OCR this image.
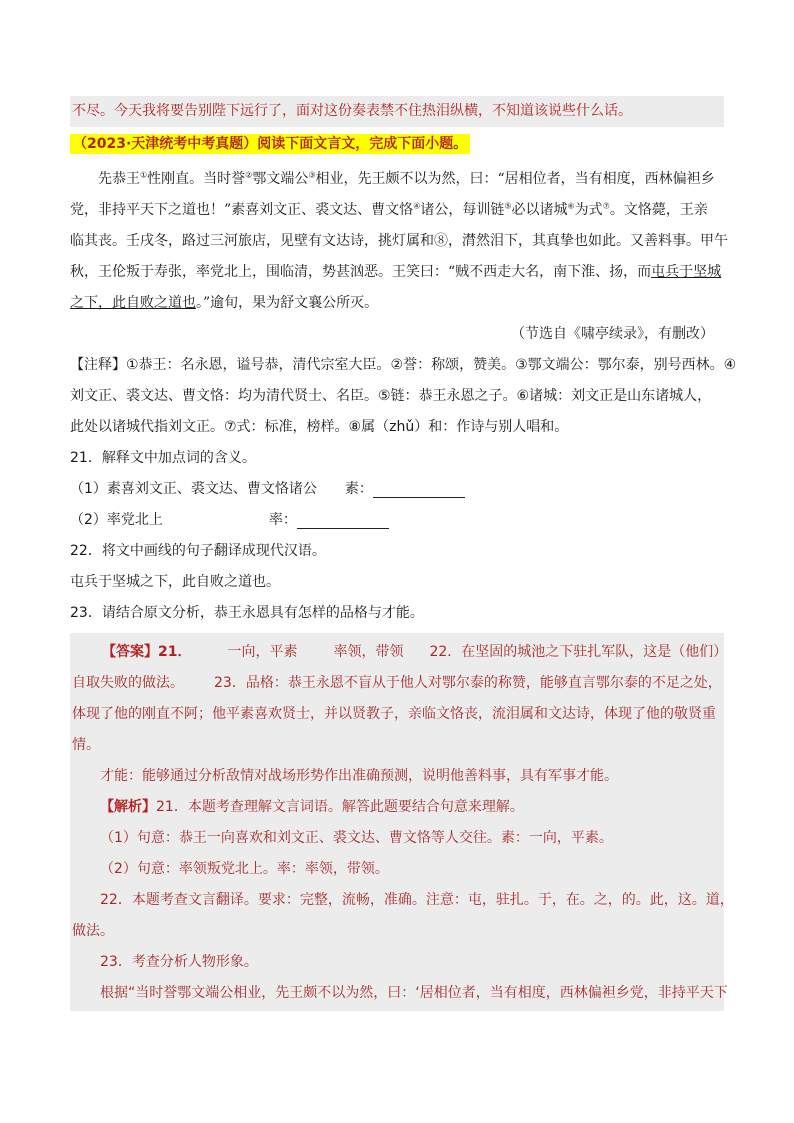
不尽。今天我将要告别陛下远行了，面对这份奏表禁不住热泪纵横，不知道该说些什么话。
（2023·天津统考中考真题）阅读下面文言文，完成下面小题。
先恭王①性刚直。当时誉②鄂文端公③相业，先王颇不以为然，曰：“居相位者，当有相度，西林偏袒乡
党，非持平天下之道也！”素喜刘文正、裘文达、曹文恪④诸公，每训链⑤必以诸城⑥为式⑦。文恪薨，王亲
临其丧。壬戌冬，路过三河旅店，见壁有文达诗，挑灯属和⑧，潸然泪下，其真挚也如此。又善料事。甲午
秋，王伦叛于寿张，率党北上，围临清，势甚汹恶。王笑曰：“贼不西走大名，南下淮、扬，而屯兵于坚城
之下，此自败之道也。”逾旬，果为舒文襄公所灭。
（节选自《啸亭续录》，有删改）
【注释】①恭王：名永恩，谥号恭，清代宗室大臣。②誉：称颂，赞美。③鄂文端公：鄂尔泰，别号西林。④
刘文正、裘文达、曹文恪：均为清代贤士、名臣。⑤链：恭王永恩之子。⑥诸城：刘文正是山东诸城人，
此处以诸城代指刘文正。⑦式：标准，榜样。⑧属（zhǔ）和：作诗与别人唱和。
21．解释文中加点词的含义。
（1）素喜刘文正、裘文达、曹文恪诸公 素：
（2）率党北上	率：
22．将文中画线的句子翻译成现代汉语。
屯兵于坚城之下，此自败之道也。
23．请结合原文分析，恭王永恩具有怎样的品格与才能。
【答案】21．	一向，平素	率领，带领 22．在坚固的城池之下驻扎军队，这是（他们）
自取失败的做法。 23．品格：恭王永恩不盲从于他人对鄂尔泰的称赞，能够直言鄂尔泰的不足之处，
体现了他的刚直不阿；他平素喜欢贤士，并以贤教子，亲临文恪丧，流泪属和文达诗，体现了他的敬贤重
情。
才能：能够通过分析敌情对战场形势作出准确预测，说明他善料事，具有军事才能。
【解析】21．本题考查理解文言词语。解答此题要结合句意来理解。
（1）句意：恭王一向喜欢和刘文正、裘文达、曹文恪等人交往。素：一向，平素。
（2）句意：率领叛党北上。率：率领，带领。
22．本题考查文言翻译。要求：完整，流畅，准确。注意：屯，驻扎。于，在。之，的。此，这。道，
做法。
23．考查分析人物形象。
根据“当时誉鄂文端公相业，先王颇不以为然，曰：‘居相位者，当有相度，西林偏袒乡党，非持平天下
